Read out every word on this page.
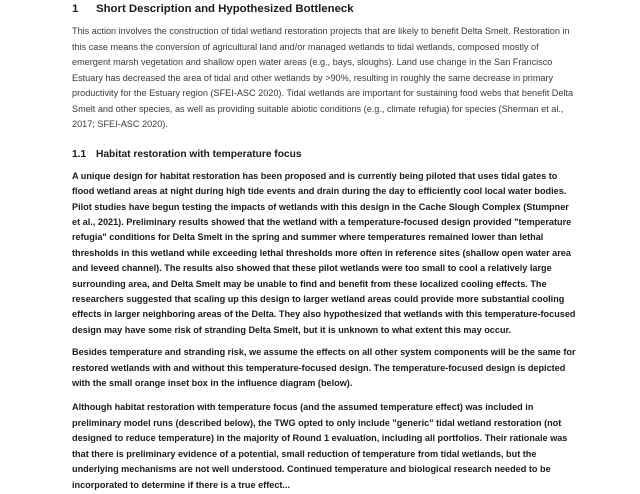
1 Short Description and Hypothesized Bottleneck

This action involves the construction of tidal wetland restoration projects that are likely to benefit Delta Smelt. Restoration in this case means the conversion of agricultural land and/or managed wetlands to tidal wetlands, composed mostly of emergent marsh vegetation and shallow open water areas (e.g., bays, sloughs). Land use change in the San Francisco Estuary has decreased the area of tidal and other wetlands by >90%, resulting in roughly the same decrease in primary productivity for the Estuary region (SFEI-ASC 2020). Tidal wetlands are important for sustaining food webs that benefit Delta Smelt and other species, as well as providing suitable abiotic conditions (e.g., climate refugia) for species (Sherman et al., 2017; SFEI-ASC 2020).

1.1 Habitat restoration with temperature focus

A unique design for habitat restoration has been proposed and is currently being piloted that uses tidal gates to flood wetland areas at night during high tide events and drain during the day to efficiently cool local water bodies. Pilot studies have begun testing the impacts of wetlands with this design in the Cache Slough Complex (Stumpner et al., 2021). Preliminary results showed that the wetland with a temperature-focused design provided "temperature refugia" conditions for Delta Smelt in the spring and summer where temperatures remained lower than lethal thresholds in this wetland while exceeding lethal thresholds more often in reference sites (shallow open water area and leveed channel). The results also showed that these pilot wetlands were too small to cool a relatively large surrounding area, and Delta Smelt may be unable to find and benefit from these localized cooling effects. The researchers suggested that scaling up this design to larger wetland areas could provide more substantial cooling effects in larger neighboring areas of the Delta. They also hypothesized that wetlands with this temperature-focused design may have some risk of stranding Delta Smelt, but it is unknown to what extent this may occur.

Besides temperature and stranding risk, we assume the effects on all other system components will be the same for restored wetlands with and without this temperature-focused design. The temperature-focused design is depicted with the small orange inset box in the influence diagram (below).

Although habitat restoration with temperature focus (and the assumed temperature effect) was included in preliminary model runs (described below), the TWG opted to only include "generic" tidal wetland restoration (not designed to reduce temperature) in the majority of Round 1 evaluation, including all portfolios. Their rationale was that there is preliminary evidence of a potential, small reduction of temperature from tidal wetlands, but the underlying mechanisms are not well understood. Continued temperature and biological research needed to be incorporated to determine if there is a true effect...
